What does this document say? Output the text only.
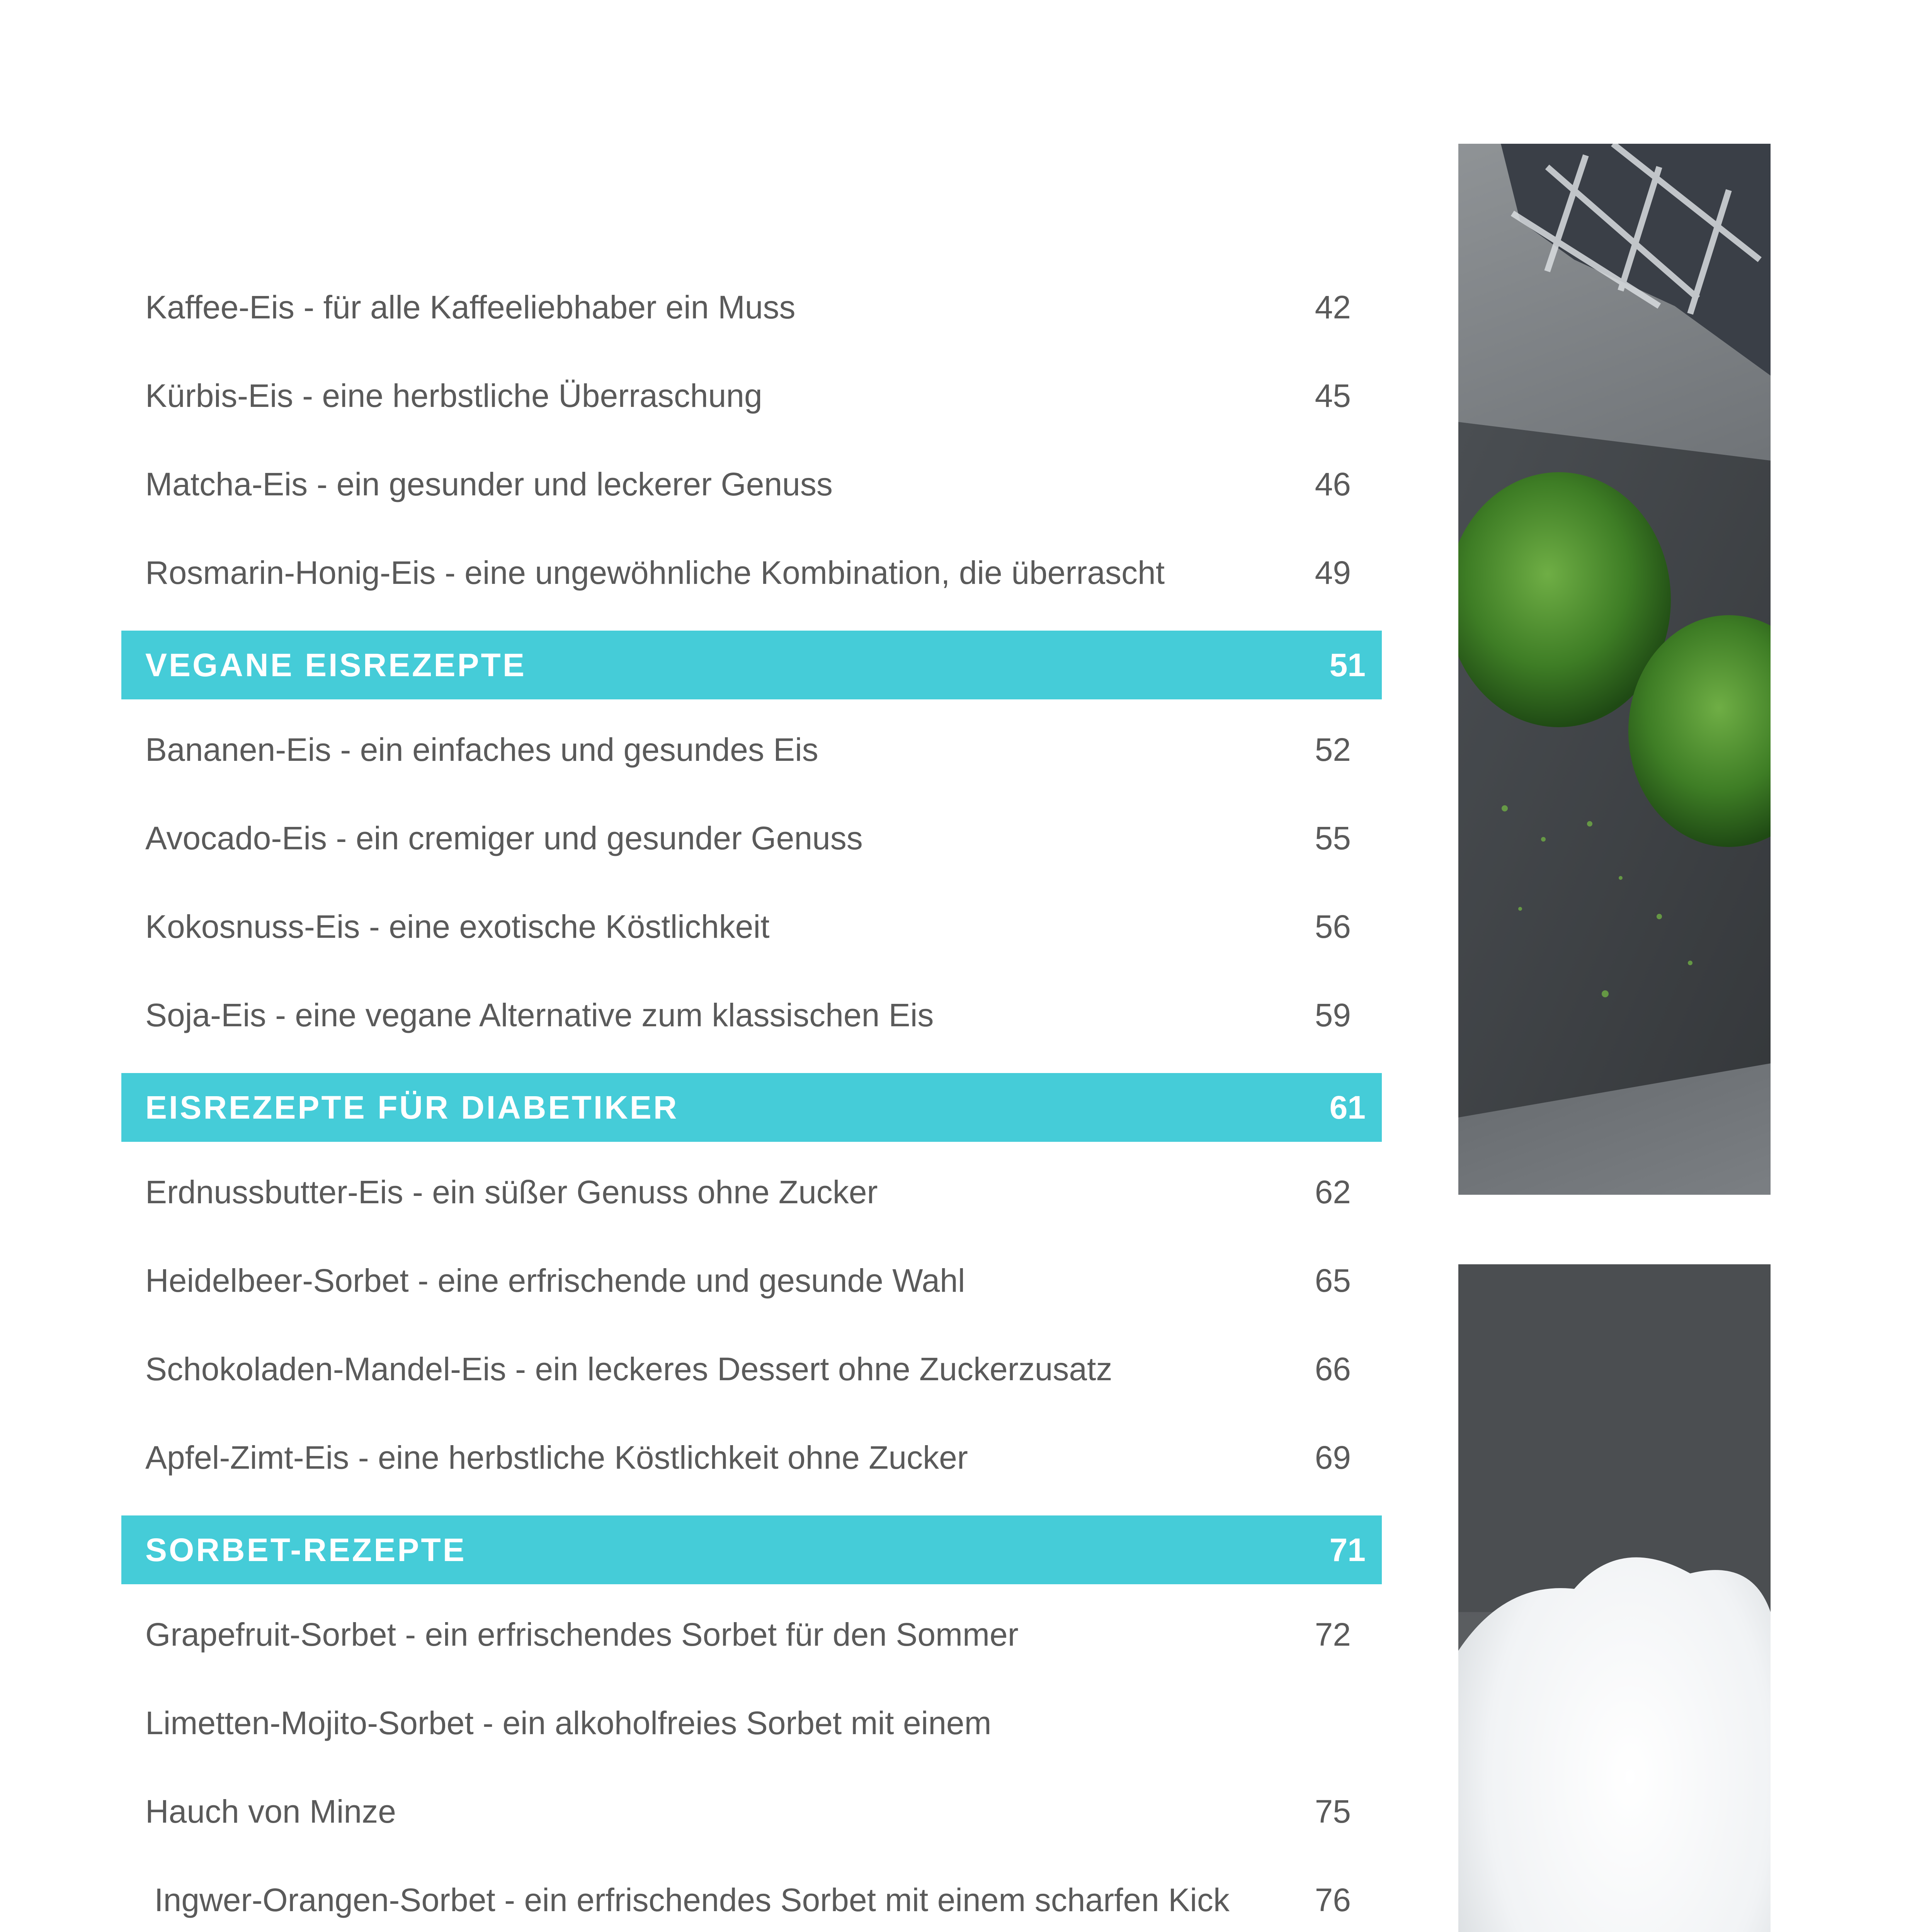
Kaffee-Eis - für alle Kaffeeliebhaber ein Muss	42
Kürbis-Eis - eine herbstliche Überraschung	45
Matcha-Eis - ein gesunder und leckerer Genuss	46
Rosmarin-Honig-Eis - eine ungewöhnliche Kombination, die überrascht	49
VEGANE EISREZEPTE	51
Bananen-Eis - ein einfaches und gesundes Eis	52
Avocado-Eis - ein cremiger und gesunder Genuss	55
Kokosnuss-Eis - eine exotische Köstlichkeit	56
Soja-Eis - eine vegane Alternative zum klassischen Eis	59
EISREZEPTE FÜR DIABETIKER	61
Erdnussbutter-Eis - ein süßer Genuss ohne Zucker	62
Heidelbeer-Sorbet - eine erfrischende und gesunde Wahl	65
Schokoladen-Mandel-Eis - ein leckeres Dessert ohne Zuckerzusatz	66
Apfel-Zimt-Eis - eine herbstliche Köstlichkeit ohne Zucker	69
SORBET-REZEPTE	71
Grapefruit-Sorbet - ein erfrischendes Sorbet für den Sommer	72
Limetten-Mojito-Sorbet - ein alkoholfreies Sorbet mit einem
Hauch von Minze	75
Ingwer-Orangen-Sorbet - ein erfrischendes Sorbet mit einem scharfen Kick	76
